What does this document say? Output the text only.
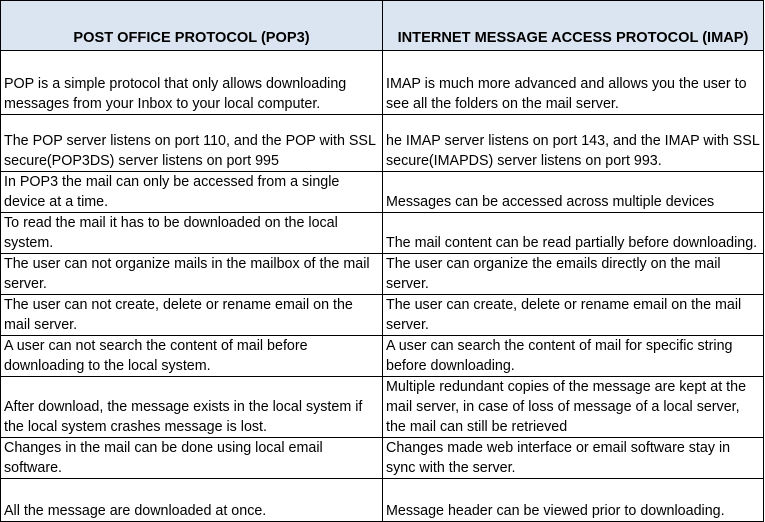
POST OFFICE PROTOCOL (POP3)	INTERNET MESSAGE ACCESS PROTOCOL (IMAP)
POP is a simple protocol that only allows downloading messages from your Inbox to your local computer.	IMAP is much more advanced and allows you the user to see all the folders on the mail server.
The POP server listens on port 110, and the POP with SSL secure(POP3DS) server listens on port 995	he IMAP server listens on port 143, and the IMAP with SSL secure(IMAPDS) server listens on port 993.
In POP3 the mail can only be accessed from a single device at a time.	Messages can be accessed across multiple devices
To read the mail it has to be downloaded on the local system.	The mail content can be read partially before downloading.
The user can not organize mails in the mailbox of the mail server.	The user can organize the emails directly on the mail server.
The user can not create, delete or rename email on the mail server.	The user can create, delete or rename email on the mail server.
A user can not search the content of mail before downloading to the local system.	A user can search the content of mail for specific string before downloading.
After download, the message exists in the local system if the local system crashes message is lost.	Multiple redundant copies of the message are kept at the mail server, in case of loss of message of a local server, the mail can still be retrieved
Changes in the mail can be done using local email software.	Changes made web interface or email software stay in sync with the server.
All the message are downloaded at once.	Message header can be viewed prior to downloading.
